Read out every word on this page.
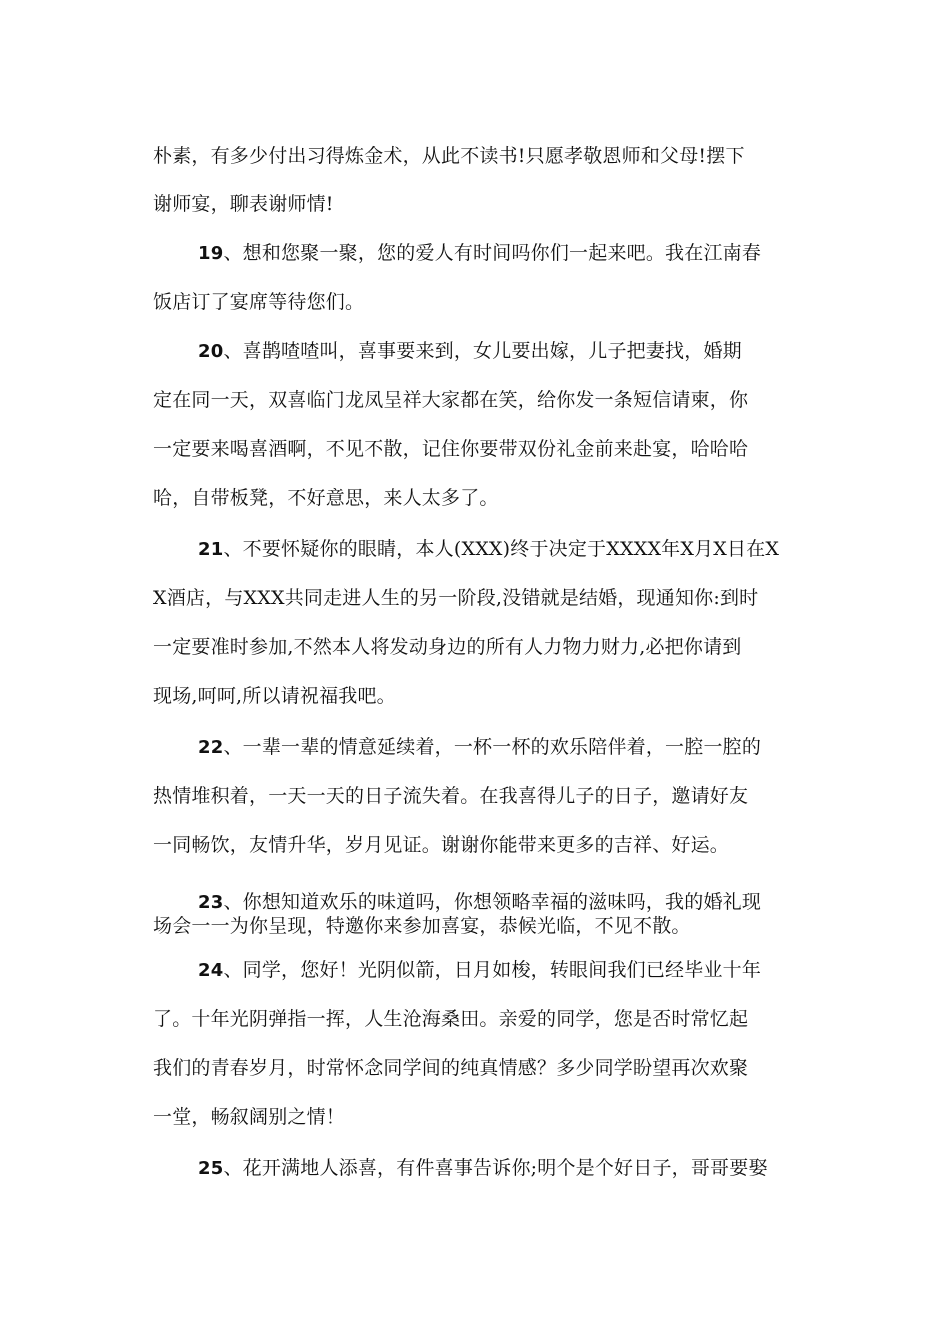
朴素，有多少付出习得炼金术，从此不读书!只愿孝敬恩师和父母!摆下
谢师宴，聊表谢师情!
19、想和您聚一聚，您的爱人有时间吗你们一起来吧。我在江南春
饭店订了宴席等待您们。
20、喜鹊喳喳叫，喜事要来到，女儿要出嫁，儿子把妻找，婚期
定在同一天，双喜临门龙凤呈祥大家都在笑，给你发一条短信请柬，你
一定要来喝喜酒啊，不见不散，记住你要带双份礼金前来赴宴，哈哈哈
哈，自带板凳，不好意思，来人太多了。
21、不要怀疑你的眼睛，本人(XXX)终于决定于XXXX年X月X日在X
X酒店，与XXX共同走进人生的另一阶段,没错就是结婚，现通知你:到时
一定要准时参加,不然本人将发动身边的所有人力物力财力,必把你请到
现场,呵呵,所以请祝福我吧。
22、一辈一辈的情意延续着，一杯一杯的欢乐陪伴着，一腔一腔的
热情堆积着，一天一天的日子流失着。在我喜得儿子的日子，邀请好友
一同畅饮，友情升华，岁月见证。谢谢你能带来更多的吉祥、好运。
23、你想知道欢乐的味道吗，你想领略幸福的滋味吗，我的婚礼现
场会一一为你呈现，特邀你来参加喜宴，恭候光临，不见不散。
24、同学，您好！光阴似箭，日月如梭，转眼间我们已经毕业十年
了。十年光阴弹指一挥，人生沧海桑田。亲爱的同学，您是否时常忆起
我们的青春岁月，时常怀念同学间的纯真情感？多少同学盼望再次欢聚
一堂，畅叙阔别之情！
25、花开满地人添喜，有件喜事告诉你;明个是个好日子，哥哥要娶
